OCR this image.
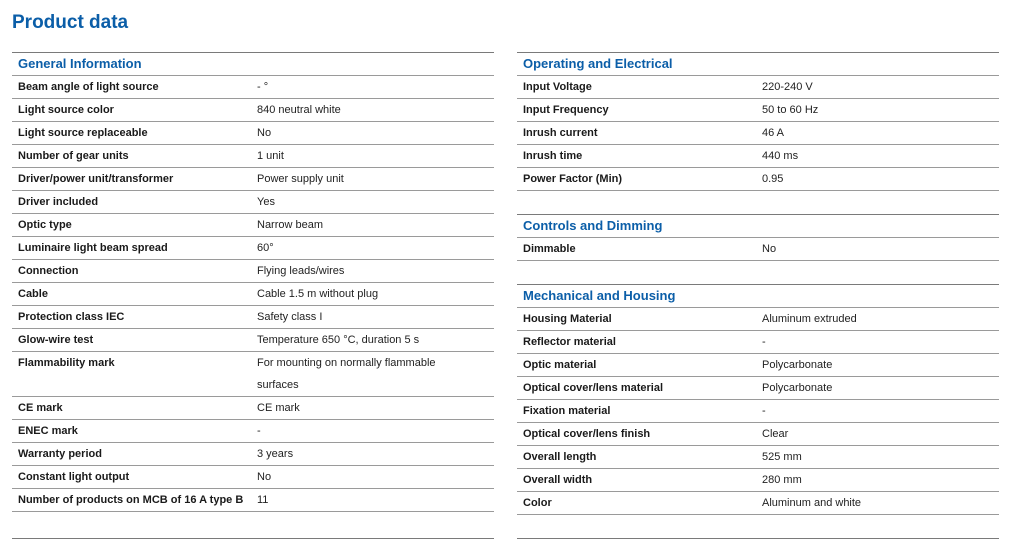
Product data
General Information
Beam angle of light source	- °
Light source color	840 neutral white
Light source replaceable	No
Number of gear units	1 unit
Driver/power unit/transformer	Power supply unit
Driver included	Yes
Optic type	Narrow beam
Luminaire light beam spread	60°
Connection	Flying leads/wires
Cable	Cable 1.5 m without plug
Protection class IEC	Safety class I
Glow-wire test	Temperature 650 °C, duration 5 s
Flammability mark	For mounting on normally flammable surfaces
CE mark	CE mark
ENEC mark	-
Warranty period	3 years
Constant light output	No
Number of products on MCB of 16 A type B	11
Operating and Electrical
Input Voltage	220-240 V
Input Frequency	50 to 60 Hz
Inrush current	46 A
Inrush time	440 ms
Power Factor (Min)	0.95
Controls and Dimming
Dimmable	No
Mechanical and Housing
Housing Material	Aluminum extruded
Reflector material	-
Optic material	Polycarbonate
Optical cover/lens material	Polycarbonate
Fixation material	-
Optical cover/lens finish	Clear
Overall length	525 mm
Overall width	280 mm
Color	Aluminum and white
